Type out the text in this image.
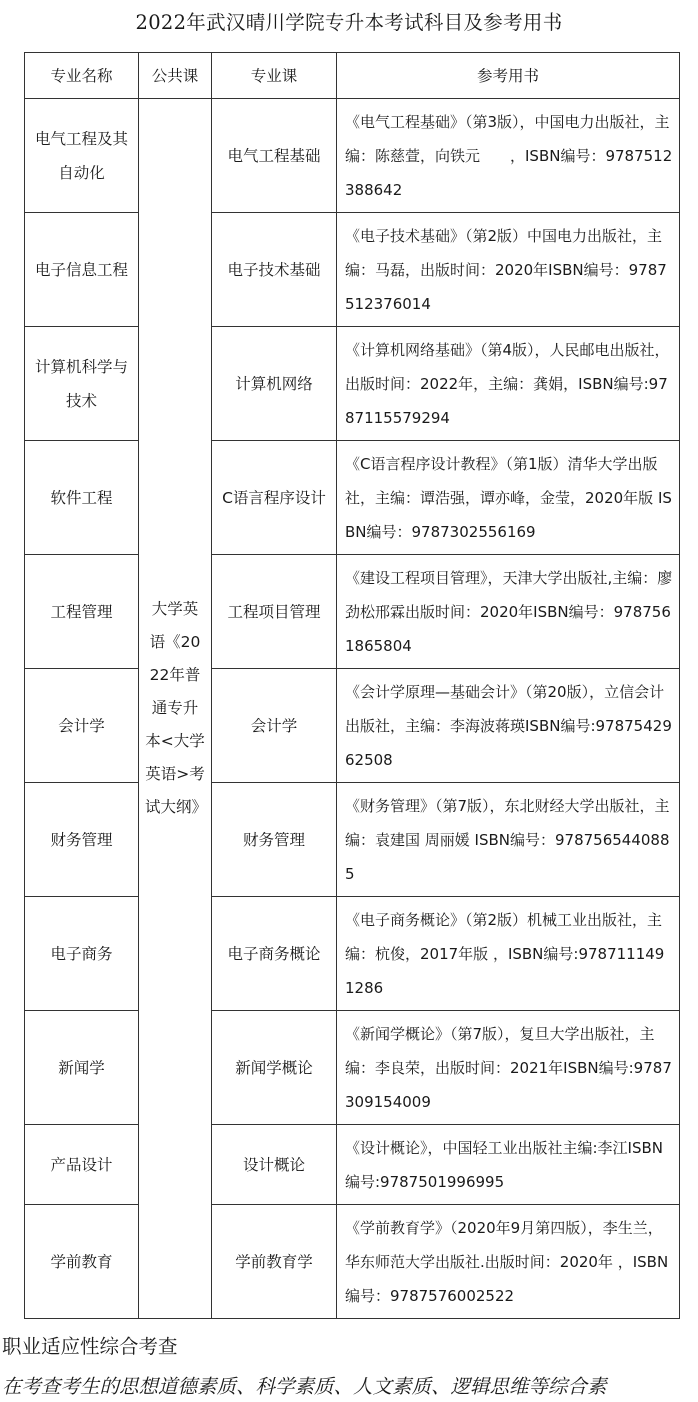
2022年武汉晴川学院专升本考试科目及参考用书
专业名称	公共课	专业课	参考用书
电气工程及其自动化	大学英语《2022年普通专升本<大学英语>考试大纲》	电气工程基础	《电气工程基础》（第3版），中国电力出版社，主编：陈慈萱，向铁元　　，ISBN编号：9787512388642
电子信息工程		电子技术基础	《电子技术基础》（第2版）中国电力出版社，主编：马磊，出版时间：2020年ISBN编号：9787512376014
计算机科学与技术		计算机网络	《计算机网络基础》（第4版），人民邮电出版社，出版时间：2022年，主编：龚娟，ISBN编号:9787115579294
软件工程		C语言程序设计	《C语言程序设计教程》（第1版）清华大学出版社，主编：谭浩强，谭亦峰，金莹，2020年版 ISBN编号：9787302556169
工程管理		工程项目管理	《建设工程项目管理》，天津大学出版社,主编：廖劲松邢霖出版时间：2020年ISBN编号：9787561865804
会计学		会计学	《会计学原理—基础会计》（第20版），立信会计出版社，主编：李海波蒋瑛ISBN编号:9787542962508
财务管理		财务管理	《财务管理》（第7版），东北财经大学出版社，主编：袁建国 周丽媛 ISBN编号：9787565440885
电子商务		电子商务概论	《电子商务概论》（第2版）机械工业出版社，主编：杭俊，2017年版 ，ISBN编号:9787111491286
新闻学		新闻学概论	《新闻学概论》（第7版），复旦大学出版社，主编：李良荣，出版时间：2021年ISBN编号:9787309154009
产品设计		设计概论	《设计概论》，中国轻工业出版社主编:李江ISBN编号:9787501996995
学前教育		学前教育学	《学前教育学》（2020年9月第四版），李生兰，华东师范大学出版社.出版时间：2020年 ，ISBN编号：9787576002522
职业适应性综合考查
在考查考生的思想道德素质、科学素质、人文素质、逻辑思维等综合素
